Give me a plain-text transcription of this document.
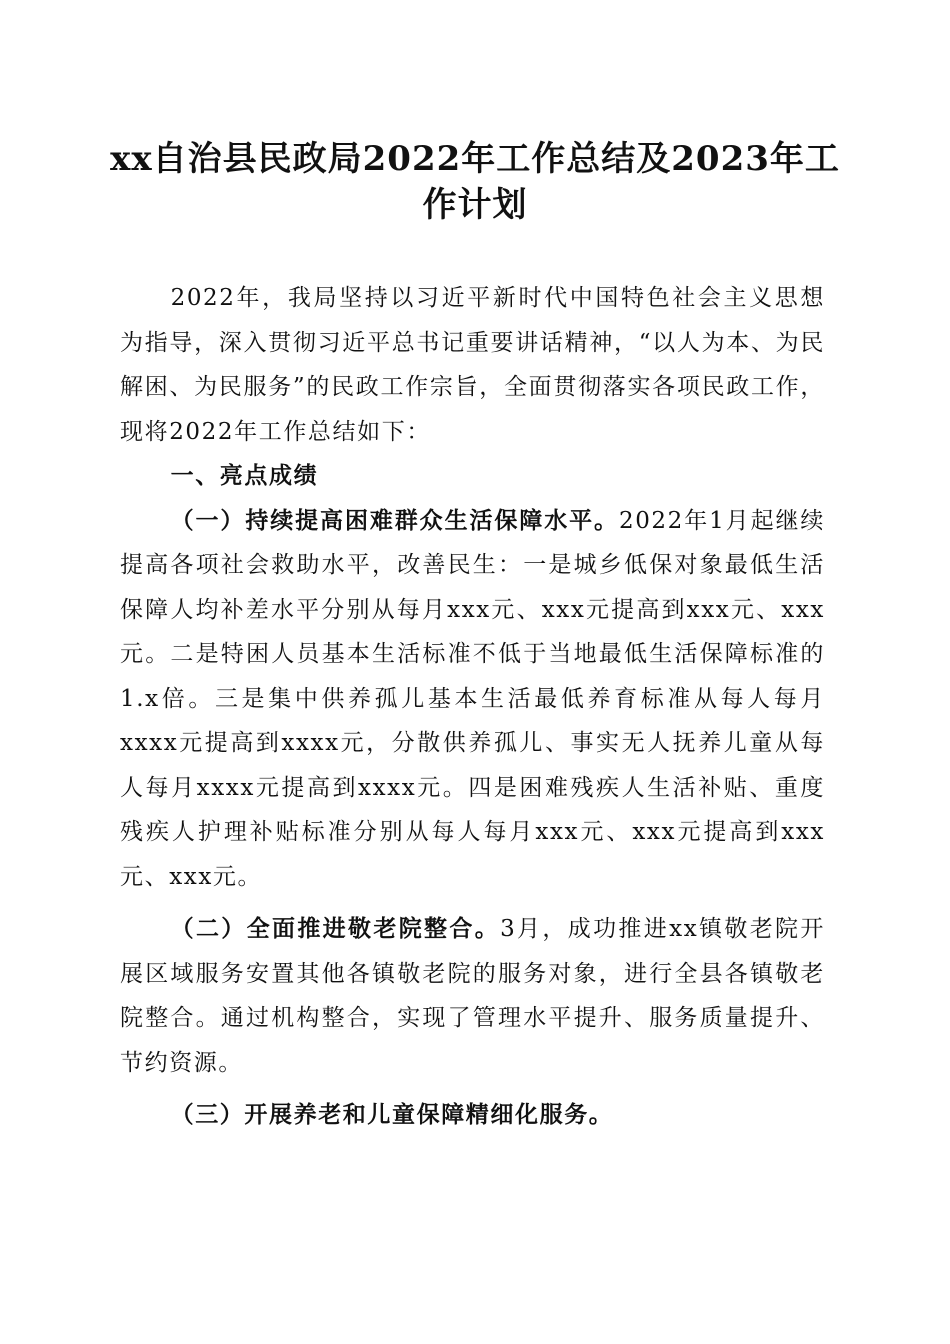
xx自治县民政局2022年工作总结及2023年工作计划

2022年，我局坚持以习近平新时代中国特色社会主义思想为指导，深入贯彻习近平总书记重要讲话精神，“以人为本、为民解困、为民服务”的民政工作宗旨，全面贯彻落实各项民政工作，现将2022年工作总结如下：

一、亮点成绩

（一）持续提高困难群众生活保障水平。2022年1月起继续提高各项社会救助水平，改善民生：一是城乡低保对象最低生活保障人均补差水平分别从每月xxx元、xxx元提高到xxx元、xxx元。二是特困人员基本生活标准不低于当地最低生活保障标准的1.x倍。三是集中供养孤儿基本生活最低养育标准从每人每月xxxx元提高到xxxx元，分散供养孤儿、事实无人抚养儿童从每人每月xxxx元提高到xxxx元。四是困难残疾人生活补贴、重度残疾人护理补贴标准分别从每人每月xxx元、xxx元提高到xxx元、xxx元。

（二）全面推进敬老院整合。3月，成功推进xx镇敬老院开展区域服务安置其他各镇敬老院的服务对象，进行全县各镇敬老院整合。通过机构整合，实现了管理水平提升、服务质量提升、节约资源。

（三）开展养老和儿童保障精细化服务。
